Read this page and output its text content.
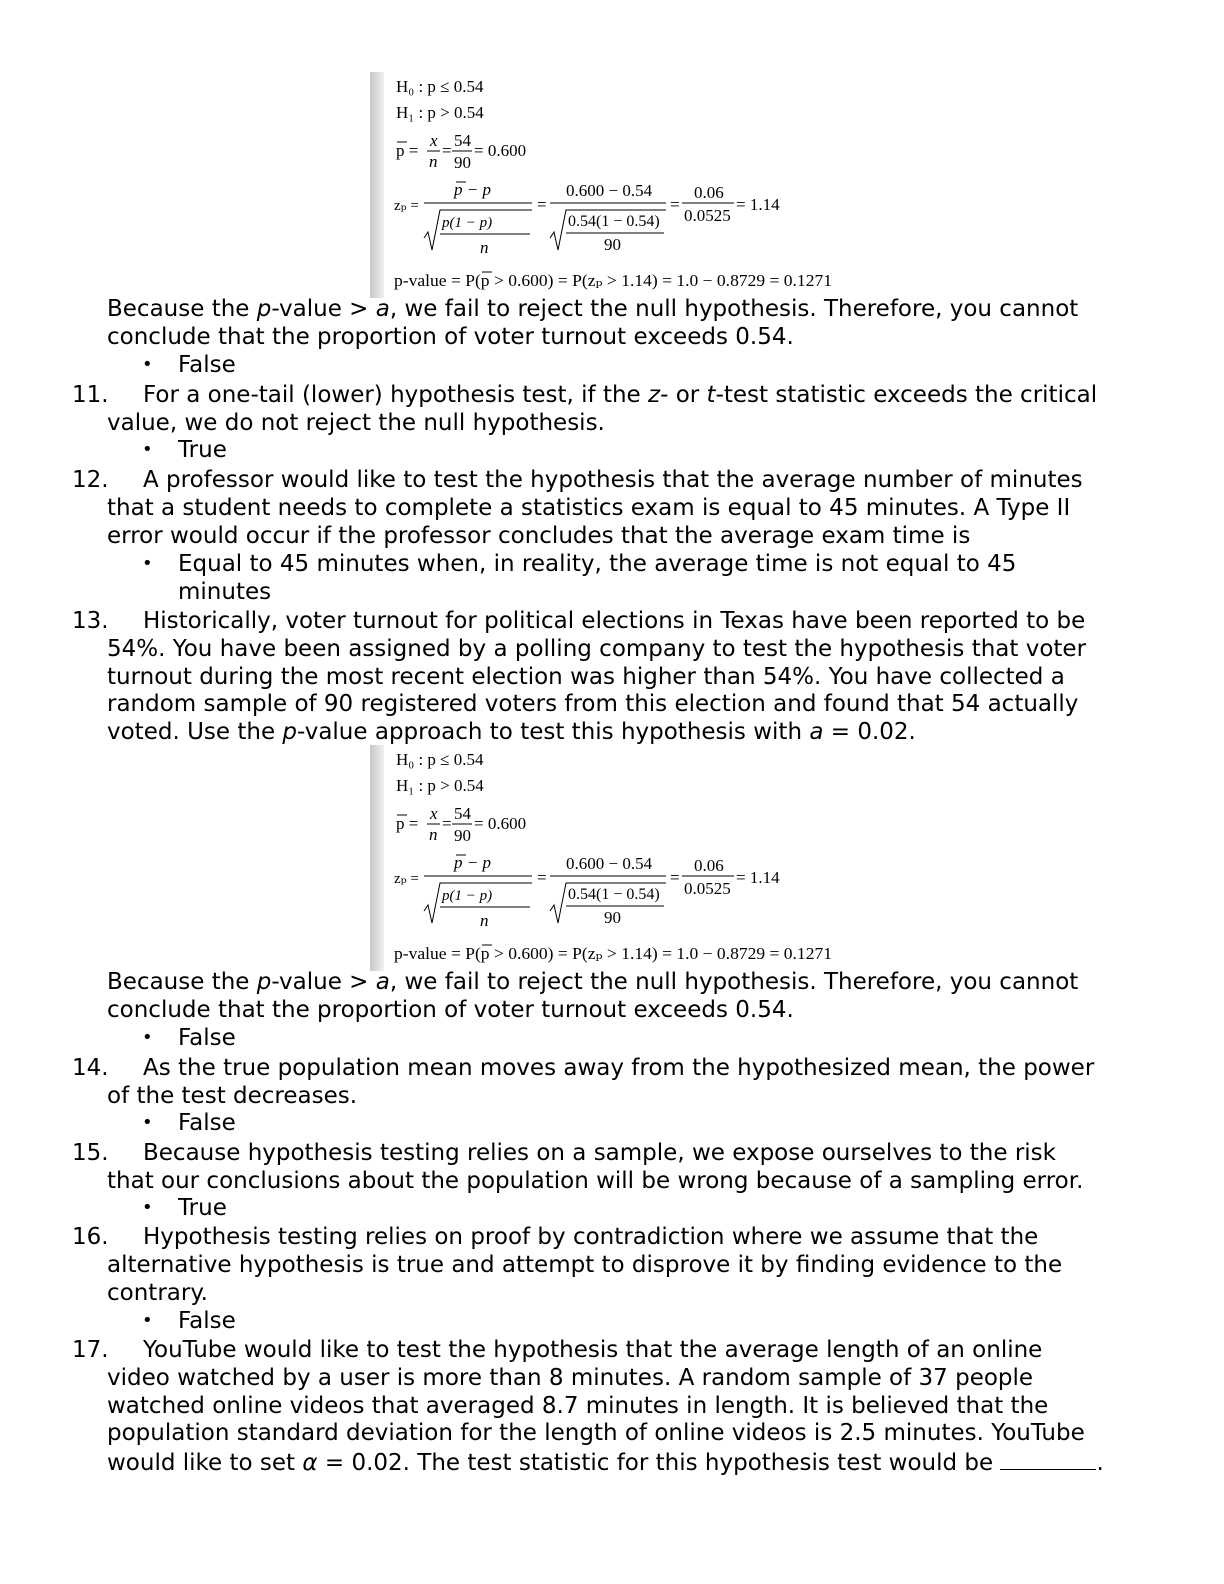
H₀ : p ≤ 0.54
H₁ : p > 0.54
p =
x
n
=
54
90
= 0.600
zₚ =
p − p
p(1 − p)
n
=
0.600 − 0.54
0.54(1 − 0.54)
90
=
0.06
0.0525
= 1.14
p-value = P(p > 0.600) = P(zₚ > 1.14) = 1.0 − 0.8729 = 0.1271
Because the p-value > a, we fail to reject the null hypothesis. Therefore, you cannot
conclude that the proportion of voter turnout exceeds 0.54.
• False
11. For a one-tail (lower) hypothesis test, if the z- or t-test statistic exceeds the critical
value, we do not reject the null hypothesis.
• True
12. A professor would like to test the hypothesis that the average number of minutes
that a student needs to complete a statistics exam is equal to 45 minutes. A Type II
error would occur if the professor concludes that the average exam time is
• Equal to 45 minutes when, in reality, the average time is not equal to 45
minutes
13. Historically, voter turnout for political elections in Texas have been reported to be
54%. You have been assigned by a polling company to test the hypothesis that voter
turnout during the most recent election was higher than 54%. You have collected a
random sample of 90 registered voters from this election and found that 54 actually
voted. Use the p-value approach to test this hypothesis with a = 0.02.
H₀ : p ≤ 0.54
H₁ : p > 0.54
p =
x
n
=
54
90
= 0.600
zₚ =
p − p
p(1 − p)
n
=
0.600 − 0.54
0.54(1 − 0.54)
90
=
0.06
0.0525
= 1.14
p-value = P(p > 0.600) = P(zₚ > 1.14) = 1.0 − 0.8729 = 0.1271
Because the p-value > a, we fail to reject the null hypothesis. Therefore, you cannot
conclude that the proportion of voter turnout exceeds 0.54.
• False
14. As the true population mean moves away from the hypothesized mean, the power
of the test decreases.
• False
15. Because hypothesis testing relies on a sample, we expose ourselves to the risk
that our conclusions about the population will be wrong because of a sampling error.
• True
16. Hypothesis testing relies on proof by contradiction where we assume that the
alternative hypothesis is true and attempt to disprove it by finding evidence to the
contrary.
• False
17. YouTube would like to test the hypothesis that the average length of an online
video watched by a user is more than 8 minutes. A random sample of 37 people
watched online videos that averaged 8.7 minutes in length. It is believed that the
population standard deviation for the length of online videos is 2.5 minutes. YouTube
would like to set α = 0.02. The test statistic for this hypothesis test would be	.
